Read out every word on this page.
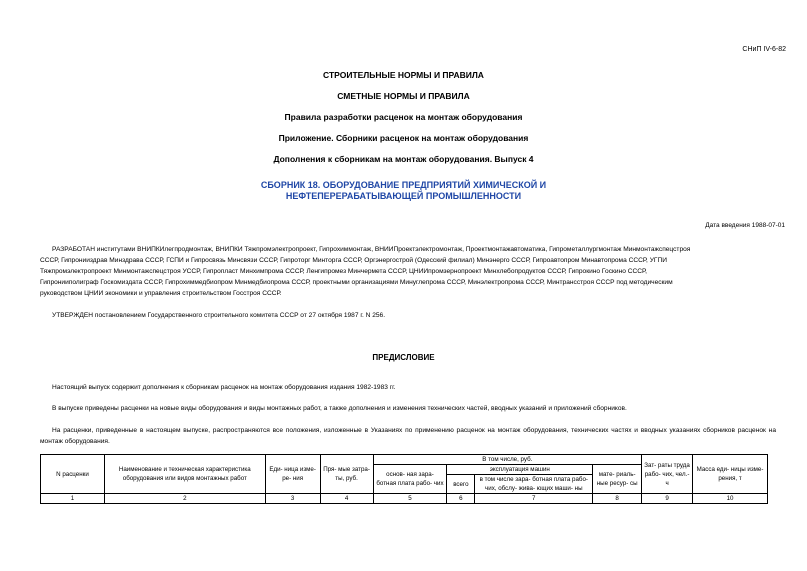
СНиП IV-6-82
СТРОИТЕЛЬНЫЕ НОРМЫ И ПРАВИЛА
СМЕТНЫЕ НОРМЫ И ПРАВИЛА
Правила разработки расценок на монтаж оборудования
Приложение. Сборники расценок на монтаж оборудования
Дополнения к сборникам на монтаж оборудования. Выпуск 4
СБОРНИК 18. ОБОРУДОВАНИЕ ПРЕДПРИЯТИЙ ХИМИЧЕСКОЙ И
НЕФТЕПЕРЕРАБАТЫВАЮЩЕЙ ПРОМЫШЛЕННОСТИ
Дата введения 1988-07-01
РАЗРАБОТАН институтами ВНИПКИлегпродмонтаж, ВНИПКИ Тяжпромэлектропроект, Гипрохиммонтаж, ВНИИПроектэлектромонтаж, Проектмонтажавтоматика, Гипрометаллургмонтаж Минмонтажспецстроя
СССР, Гипронииздрав Минздрава СССР, ГСПИ и Гипросвязь Минсвязи СССР, Гипроторг Минторга СССР, Оргэнергострой (Одесский филиал) Минэнерго СССР, Гипроавтопром Минавтопрома СССР, УГПИ
Тяжпромэлектропроект Минмонтажспецстроя УССР, Гипропласт Минхимпрома СССР, Ленгипромез Минчермета СССР, ЦНИИпромзернопроект Минхлебопродуктов СССР, Гипрокино Госкино СССР,
Гипронииполиграф Госкомиздата СССР, Гипрохиммедбиопром Минмедбиопрома СССР, проектными организациями Минуглепрома СССР, Минэлектропрома СССР, Минтрансстроя СССР под методическим
руководством ЦНИИ экономики и управления строительством Госстроя СССР.
УТВЕРЖДЕН постановлением Государственного строительного комитета СССР от 27 октября 1987 г. N 256.
ПРЕДИСЛОВИЕ
Настоящий выпуск содержит дополнения к сборникам расценок на монтаж оборудования издания 1982-1983 гг.
В выпуске приведены расценки на новые виды оборудования и виды монтажных работ, а также дополнения и изменения технических частей, вводных указаний и приложений сборников.
На расценки, приведенные в настоящем выпуске, распространяются все положения, изложенные в Указаниях по применению расценок на монтаж оборудования, технических частях и вводных указаниях сборников расценок на монтаж оборудования.
N расценки	Наименование и техническая характеристика оборудования или видов монтажных работ	Еди- ница изме- ре- ния	Пря- мые затра- ты, руб.	В том числе, руб.				Зат- раты труда рабо- чих, чел.-ч	Масса еди- ницы изме- рения, т
				основ- ная зара- ботная плата рабо- чих	эксплуатация машин		мате- риаль- ные ресур- сы		
					всего	в том числе зара- ботная плата рабо- чих, обслу- жива- ющих маши- ны			
1	2	3	4	5	6	7	8	9	10
